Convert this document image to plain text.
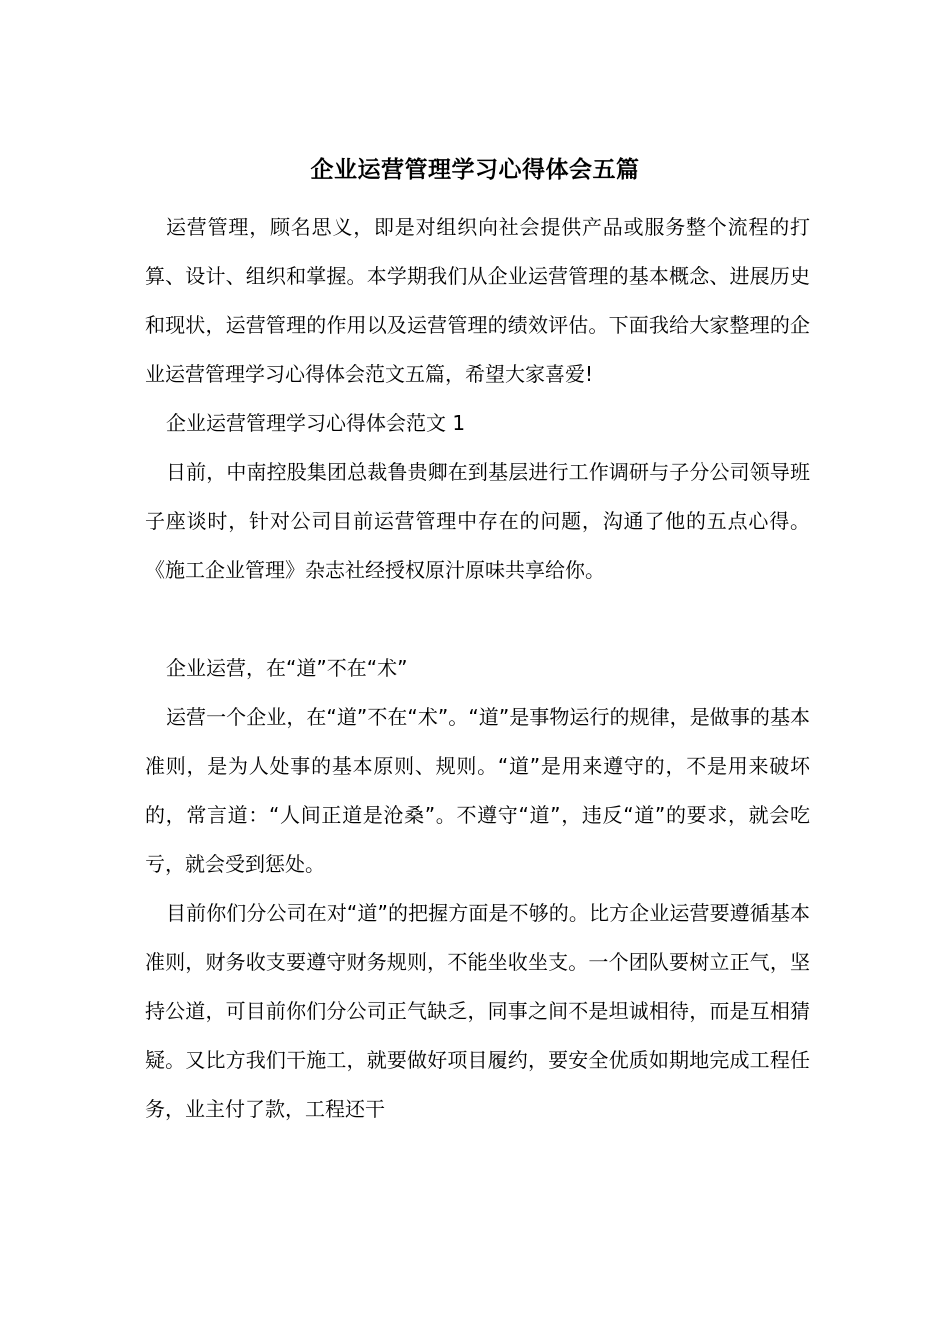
企业运营管理学习心得体会五篇

运营管理，顾名思义，即是对组织向社会提供产品或服务整个流程的打算、设计、组织和掌握。本学期我们从企业运营管理的基本概念、进展历史和现状，运营管理的作用以及运营管理的绩效评估。下面我给大家整理的企业运营管理学习心得体会范文五篇，希望大家喜爱!

企业运营管理学习心得体会范文 1

日前，中南控股集团总裁鲁贵卿在到基层进行工作调研与子分公司领导班子座谈时，针对公司目前运营管理中存在的问题，沟通了他的五点心得。《施工企业管理》杂志社经授权原汁原味共享给你。

企业运营，在“道”不在“术”

运营一个企业，在“道”不在“术”。“道”是事物运行的规律，是做事的基本准则，是为人处事的基本原则、规则。“道”是用来遵守的，不是用来破坏的，常言道：“人间正道是沧桑”。不遵守“道”，违反“道”的要求，就会吃亏，就会受到惩处。

目前你们分公司在对“道”的把握方面是不够的。比方企业运营要遵循基本准则，财务收支要遵守财务规则，不能坐收坐支。一个团队要树立正气，坚持公道，可目前你们分公司正气缺乏，同事之间不是坦诚相待，而是互相猜疑。又比方我们干施工，就要做好项目履约，要安全优质如期地完成工程任务，业主付了款，工程还干
